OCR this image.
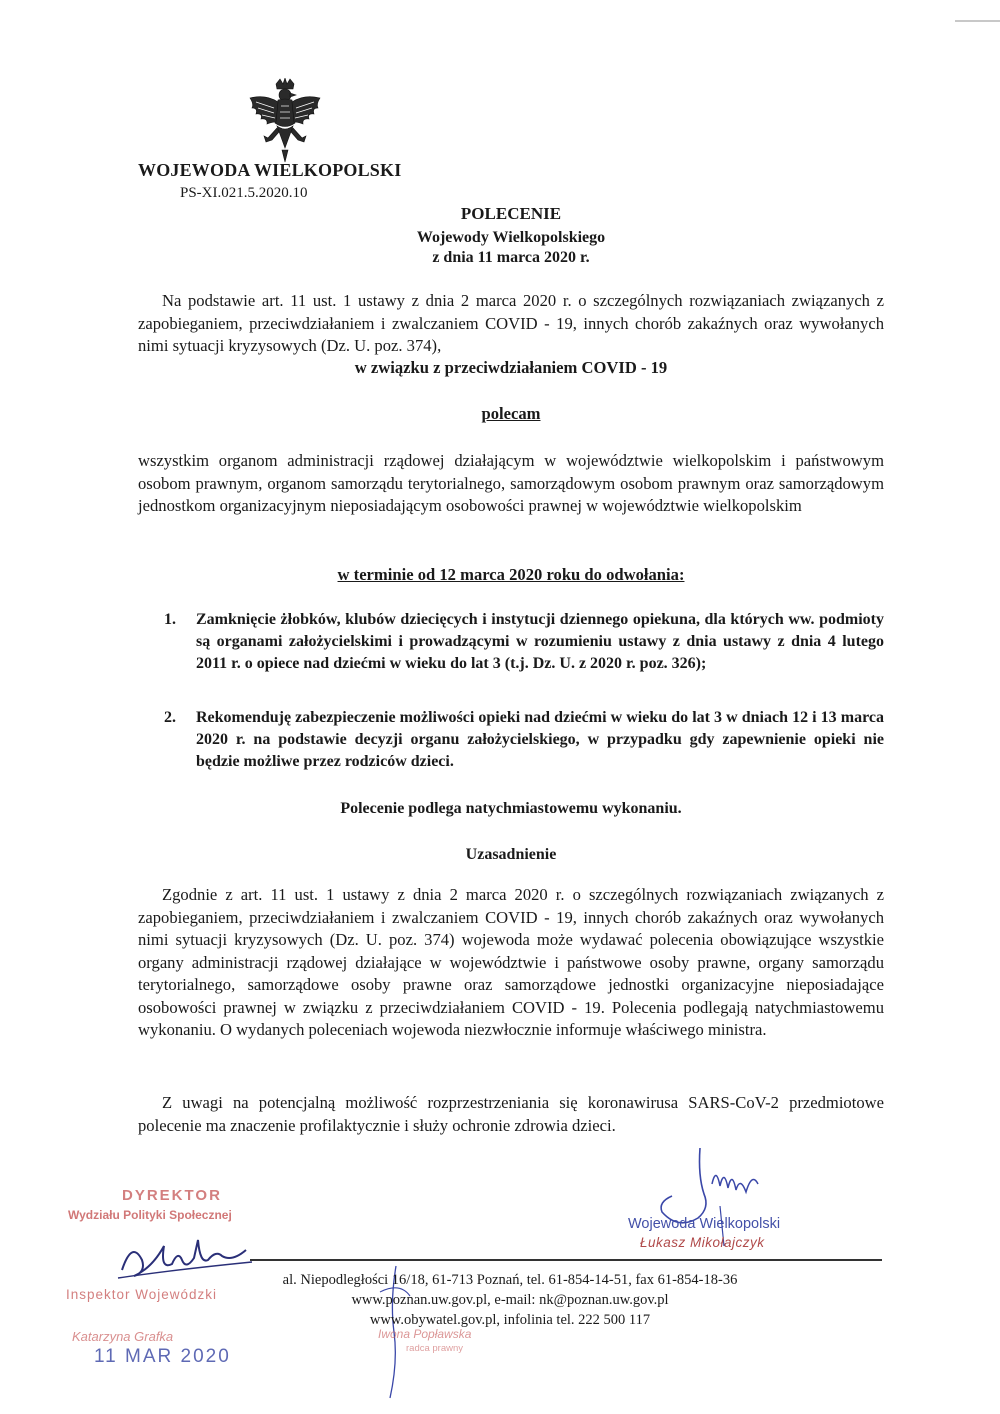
WOJEWODA WIELKOPOLSKI
PS-XI.021.5.2020.10
POLECENIE
Wojewody Wielkopolskiego
z dnia 11 marca 2020 r.
Na podstawie art. 11 ust. 1 ustawy z dnia 2 marca 2020 r. o szczególnych rozwiązaniach związanych z zapobieganiem, przeciwdziałaniem i zwalczaniem COVID - 19, innych chorób zakaźnych oraz wywołanych nimi sytuacji kryzysowych (Dz. U. poz. 374),
w związku z przeciwdziałaniem COVID - 19
polecam
wszystkim organom administracji rządowej działającym w województwie wielkopolskim i państwowym osobom prawnym, organom samorządu terytorialnego, samorządowym osobom prawnym oraz samorządowym jednostkom organizacyjnym nieposiadającym osobowości prawnej w województwie wielkopolskim
w terminie od 12 marca 2020 roku do odwołania:
1.	Zamknięcie żłobków, klubów dziecięcych i instytucji dziennego opiekuna, dla których ww. podmioty są organami założycielskimi i prowadzącymi w rozumieniu ustawy z dnia ustawy z dnia 4 lutego 2011 r. o opiece nad dziećmi w wieku do lat 3 (t.j. Dz. U. z 2020 r. poz. 326);
2.	Rekomenduję zabezpieczenie możliwości opieki nad dziećmi w wieku do lat 3 w dniach 12 i 13 marca 2020 r. na podstawie decyzji organu założycielskiego, w przypadku gdy zapewnienie opieki nie będzie możliwe przez rodziców dzieci.
Polecenie podlega natychmiastowemu wykonaniu.
Uzasadnienie
Zgodnie z art. 11 ust. 1 ustawy z dnia 2 marca 2020 r. o szczególnych rozwiązaniach związanych z zapobieganiem, przeciwdziałaniem i zwalczaniem COVID - 19, innych chorób zakaźnych oraz wywołanych nimi sytuacji kryzysowych (Dz. U. poz. 374) wojewoda może wydawać polecenia obowiązujące wszystkie organy administracji rządowej działające w województwie i państwowe osoby prawne, organy samorządu terytorialnego, samorządowe osoby prawne oraz samorządowe jednostki organizacyjne nieposiadające osobowości prawnej w związku z przeciwdziałaniem COVID - 19. Polecenia podlegają natychmiastowemu wykonaniu. O wydanych poleceniach wojewoda niezwłocznie informuje właściwego ministra.
Z uwagi na potencjalną możliwość rozprzestrzeniania się koronawirusa SARS-CoV-2 przedmiotowe polecenie ma znaczenie profilaktycznie i służy ochronie zdrowia dzieci.
Wojewoda Wielkopolski
Łukasz Mikołajczyk
DYREKTOR
Wydziału Polityki Społecznej
Inspektor Wojewódzki
Katarzyna Grafka
11 MAR 2020
al. Niepodległości 16/18, 61-713 Poznań, tel. 61-854-14-51, fax 61-854-18-36
www.poznan.uw.gov.pl, e-mail: nk@poznan.uw.gov.pl
www.obywatel.gov.pl, infolinia tel. 222 500 117
Iwona Popławska
radca prawny
